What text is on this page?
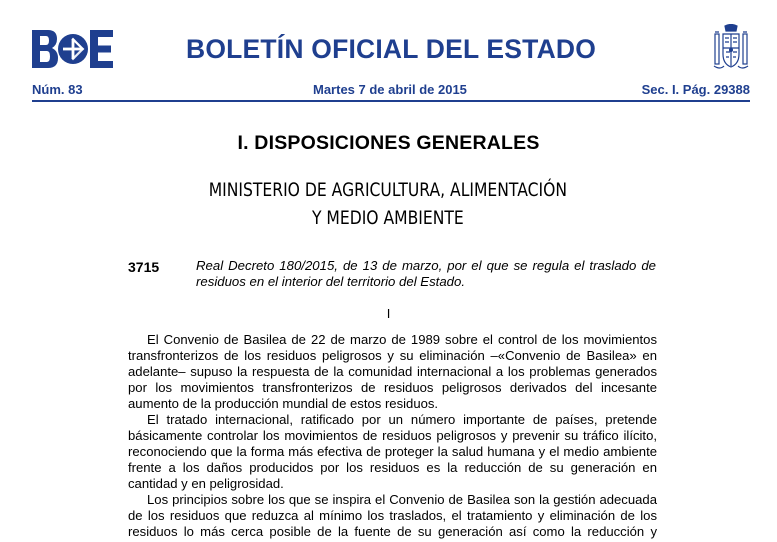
BOLETÍN OFICIAL DEL ESTADO
Núm. 83	Martes 7 de abril de 2015	Sec. I. Pág. 29388
I. DISPOSICIONES GENERALES
MINISTERIO DE AGRICULTURA, ALIMENTACIÓN
Y MEDIO AMBIENTE
3715	Real Decreto 180/2015, de 13 de marzo, por el que se regula el traslado de residuos en el interior del territorio del Estado.
I
El Convenio de Basilea de 22 de marzo de 1989 sobre el control de los movimientos
transfronterizos de los residuos peligrosos y su eliminación –«Convenio de Basilea» en
adelante– supuso la respuesta de la comunidad internacional a los problemas generados
por los movimientos transfronterizos de residuos peligrosos derivados del incesante
aumento de la producción mundial de estos residuos.
El tratado internacional, ratificado por un número importante de países, pretende
básicamente controlar los movimientos de residuos peligrosos y prevenir su tráfico ilícito,
reconociendo que la forma más efectiva de proteger la salud humana y el medio ambiente
frente a los daños producidos por los residuos es la reducción de su generación en
cantidad y en peligrosidad.
Los principios sobre los que se inspira el Convenio de Basilea son la gestión adecuada
de los residuos que reduzca al mínimo los traslados, el tratamiento y eliminación de los
residuos lo más cerca posible de la fuente de su generación así como la reducción y
